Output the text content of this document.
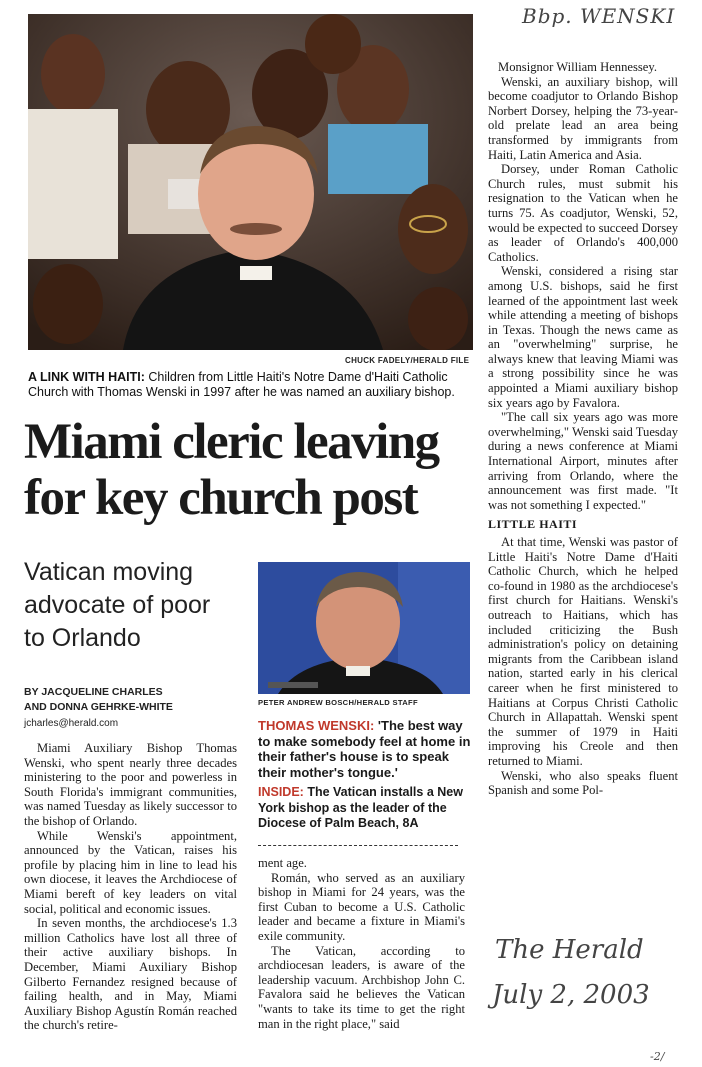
Bbp. WENSKI
CHUCK FADELY/HERALD FILE
A LINK WITH HAITI: Children from Little Haiti's Notre Dame d'Haiti Catholic Church with Thomas Wenski in 1997 after he was named an auxiliary bishop.
Miami cleric leaving
for key church post
Vatican moving
advocate of poor
to Orlando
BY JACQUELINE CHARLES
AND DONNA GEHRKE-WHITE
jcharles@herald.com
PETER ANDREW BOSCH/HERALD STAFF
THOMAS WENSKI: 'The best way to make somebody feel at home in their father's house is to speak their mother's tongue.'
INSIDE: The Vatican installs a New York bishop as the leader of the Diocese of Palm Beach, 8A

Miami Auxiliary Bishop Thomas Wenski, who spent nearly three decades ministering to the poor and powerless in South Florida's immigrant communities, was named Tuesday as likely successor to the bishop of Orlando.

While Wenski's appointment, announced by the Vatican, raises his profile by placing him in line to lead his own diocese, it leaves the Archdiocese of Miami bereft of key leaders on vital social, political and economic issues.

In seven months, the archdiocese's 1.3 million Catholics have lost all three of their active auxiliary bishops. In December, Miami Auxiliary Bishop Gilberto Fernandez resigned because of failing health, and in May, Miami Auxiliary Bishop Agustín Román reached the church's retire-

ment age.

Román, who served as an auxiliary bishop in Miami for 24 years, was the first Cuban to become a U.S. Catholic leader and became a fixture in Miami's exile community.

The Vatican, according to archdiocesan leaders, is aware of the leadership vacuum. Archbishop John C. Favalora said he believes the Vatican "wants to take its time to get the right man in the right place," said

Monsignor William Hennessey.

Wenski, an auxiliary bishop, will become coadjutor to Orlando Bishop Norbert Dorsey, helping the 73-year-old prelate lead an area being transformed by immigrants from Haiti, Latin America and Asia.

Dorsey, under Roman Catholic Church rules, must submit his resignation to the Vatican when he turns 75. As coadjutor, Wenski, 52, would be expected to succeed Dorsey as leader of Orlando's 400,000 Catholics.

Wenski, considered a rising star among U.S. bishops, said he first learned of the appointment last week while attending a meeting of bishops in Texas. Though the news came as an "overwhelming" surprise, he always knew that leaving Miami was a strong possibility since he was appointed a Miami auxiliary bishop six years ago by Favalora.

"The call six years ago was more overwhelming," Wenski said Tuesday during a news conference at Miami International Airport, minutes after arriving from Orlando, where the announcement was first made. "It was not something I expected."

LITTLE HAITI

At that time, Wenski was pastor of Little Haiti's Notre Dame d'Haiti Catholic Church, which he helped co-found in 1980 as the archdiocese's first church for Haitians. Wenski's outreach to Haitians, which has included criticizing the Bush administration's policy on detaining migrants from the Caribbean island nation, started early in his clerical career when he first ministered to Haitians at Corpus Christi Catholic Church in Allapattah. Wenski spent the summer of 1979 in Haiti improving his Creole and then returned to Miami.

Wenski, who also speaks fluent Spanish and some Pol-

The Herald
July 2, 2003
-2/
